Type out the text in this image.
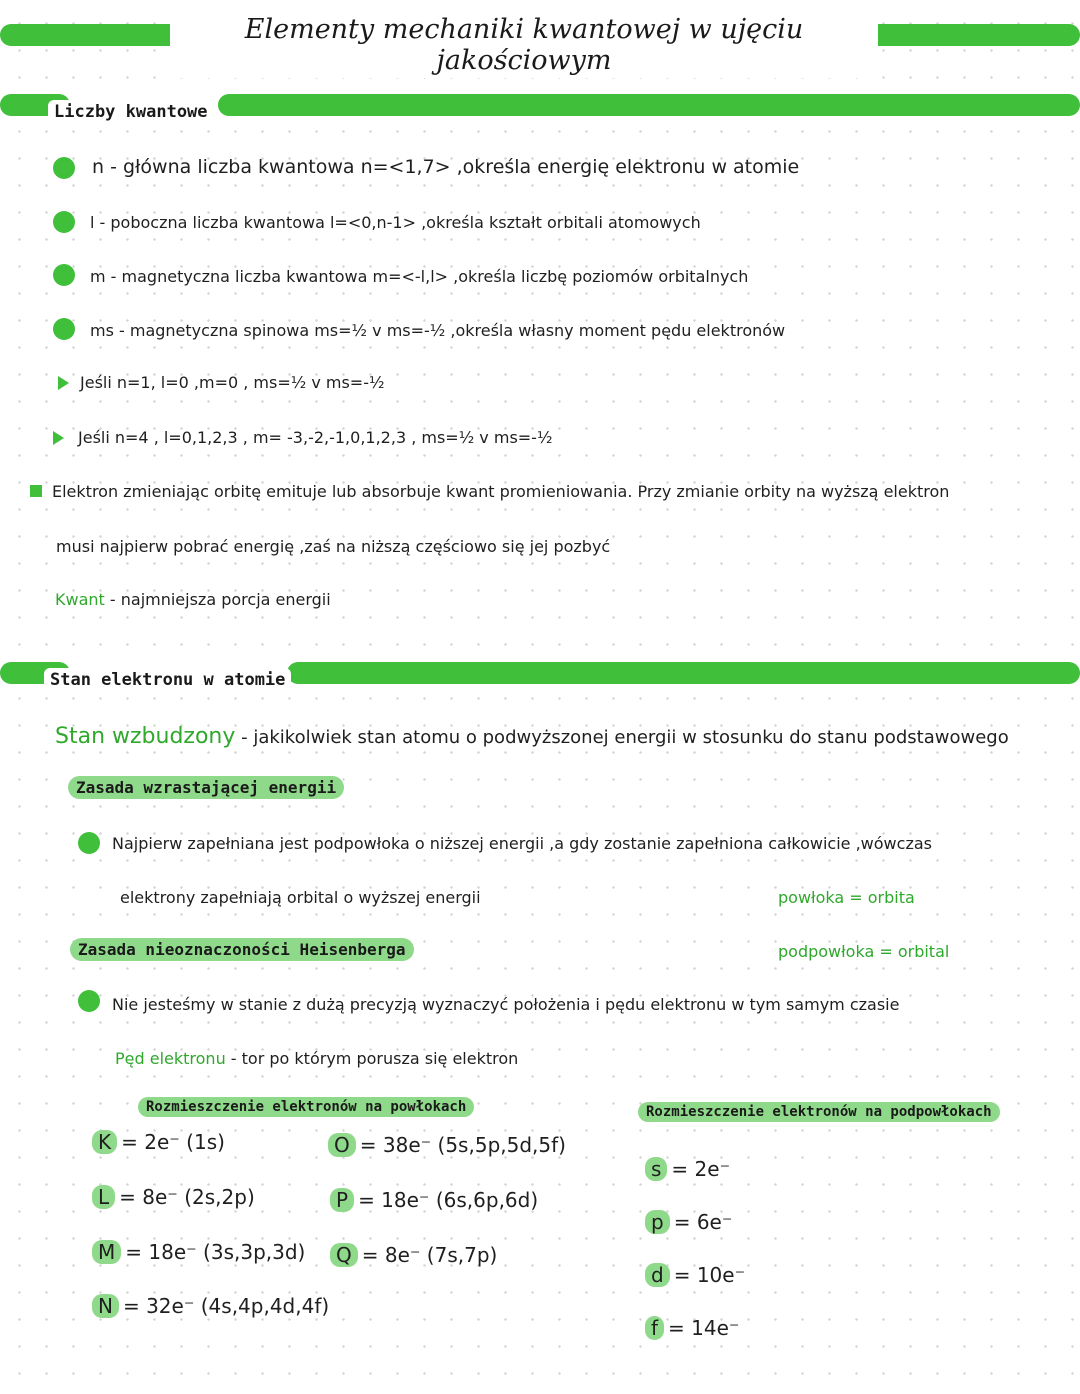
Elementy mechaniki kwantowej w ujęciu jakościowym
Liczby kwantowe
n - główna liczba kwantowa n=<1,7> ,określa energię elektronu w atomie
l - poboczna liczba kwantowa l=<0,n-1> ,określa kształt orbitali atomowych
m - magnetyczna liczba kwantowa m=<-l,l> ,określa liczbę poziomów orbitalnych
ms - magnetyczna spinowa ms=½ v ms=-½ ,określa własny moment pędu elektronów
Jeśli n=1, l=0 ,m=0 , ms=½ v ms=-½
Jeśli n=4 , l=0,1,2,3 , m= -3,-2,-1,0,1,2,3 , ms=½ v ms=-½
Elektron zmieniając orbitę emituje lub absorbuje kwant promieniowania. Przy zmianie orbity na wyższą elektron
musi najpierw pobrać energię ,zaś na niższą częściowo się jej pozbyć
Kwant - najmniejsza porcja energii
Stan elektronu w atomie
Stan wzbudzony - jakikolwiek stan atomu o podwyższonej energii w stosunku do stanu podstawowego
Zasada wzrastającej energii
Najpierw zapełniana jest podpowłoka o niższej energii ,a gdy zostanie zapełniona całkowicie ,wówczas
elektrony zapełniają orbital o wyższej energii	powłoka = orbita
podpowłoka = orbital
Zasada nieoznaczoności Heisenberga
Nie jesteśmy w stanie z dużą precyzją wyznaczyć położenia i pędu elektronu w tym samym czasie
Pęd elektronu - tor po którym porusza się elektron
Rozmieszczenie elektronów na powłokach
K = 2e⁻ (1s)
L = 8e⁻ (2s,2p)
M = 18e⁻ (3s,3p,3d)
N = 32e⁻ (4s,4p,4d,4f)
O = 38e⁻ (5s,5p,5d,5f)
P = 18e⁻ (6s,6p,6d)
Q = 8e⁻ (7s,7p)
Rozmieszczenie elektronów na podpowłokach
s = 2e⁻
p = 6e⁻
d = 10e⁻
f = 14e⁻
